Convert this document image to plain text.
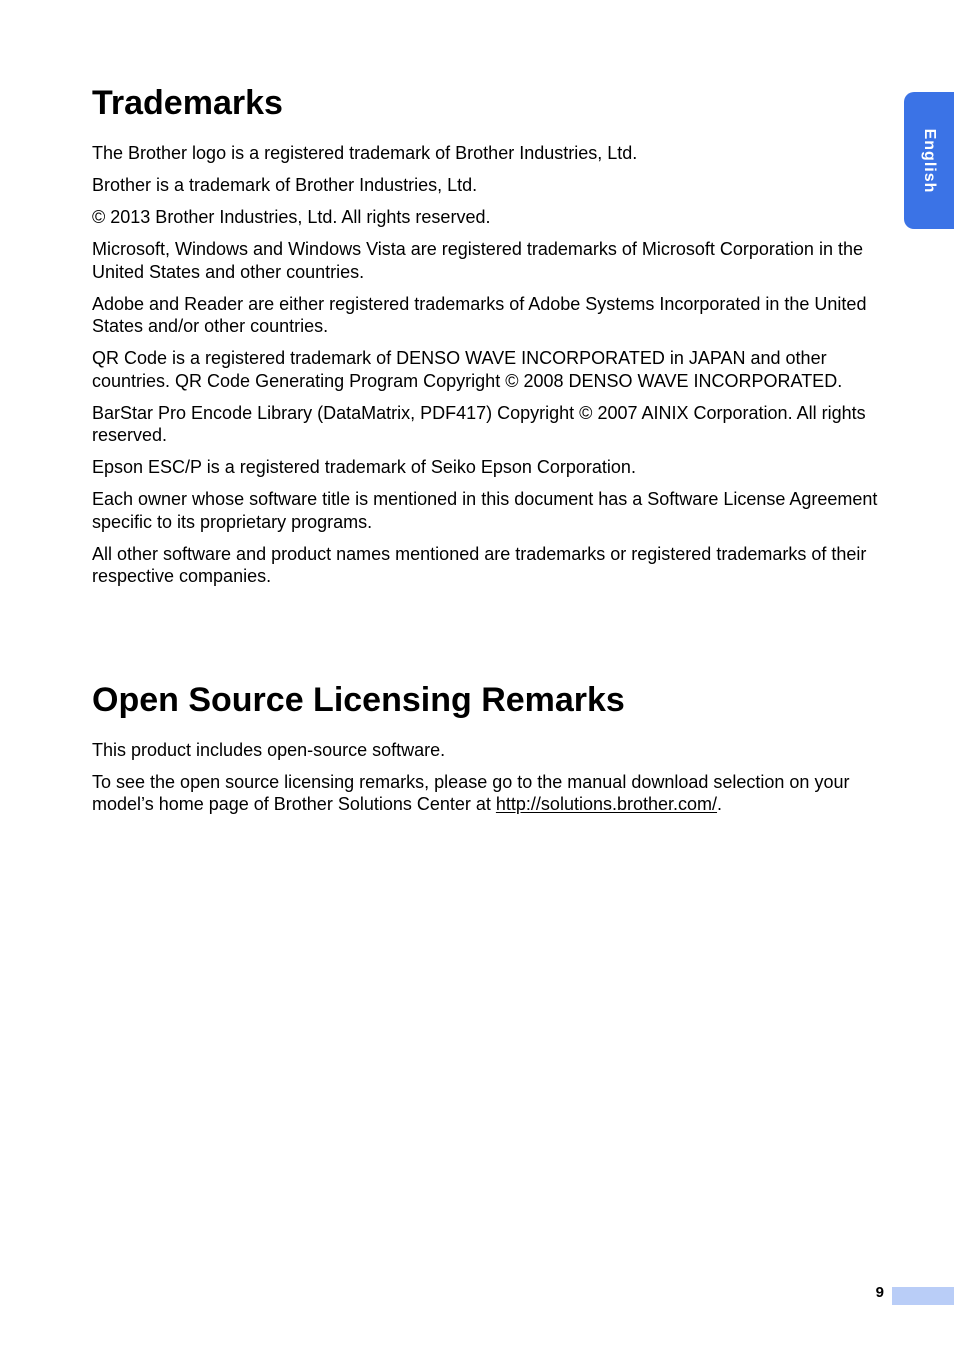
English
Trademarks

The Brother logo is a registered trademark of Brother Industries, Ltd.

Brother is a trademark of Brother Industries, Ltd.

© 2013 Brother Industries, Ltd. All rights reserved.

Microsoft, Windows and Windows Vista are registered trademarks of Microsoft Corporation in the United States and other countries.

Adobe and Reader are either registered trademarks of Adobe Systems Incorporated in the United States and/or other countries.

QR Code is a registered trademark of DENSO WAVE INCORPORATED in JAPAN and other countries. QR Code Generating Program Copyright © 2008 DENSO WAVE INCORPORATED.

BarStar Pro Encode Library (DataMatrix, PDF417) Copyright © 2007 AINIX Corporation. All rights reserved.

Epson ESC/P is a registered trademark of Seiko Epson Corporation.

Each owner whose software title is mentioned in this document has a Software License Agreement specific to its proprietary programs.

All other software and product names mentioned are trademarks or registered trademarks of their respective companies.

Open Source Licensing Remarks

This product includes open-source software.

To see the open source licensing remarks, please go to the manual download selection on your model’s home page of Brother Solutions Center at http://solutions.brother.com/.

9
